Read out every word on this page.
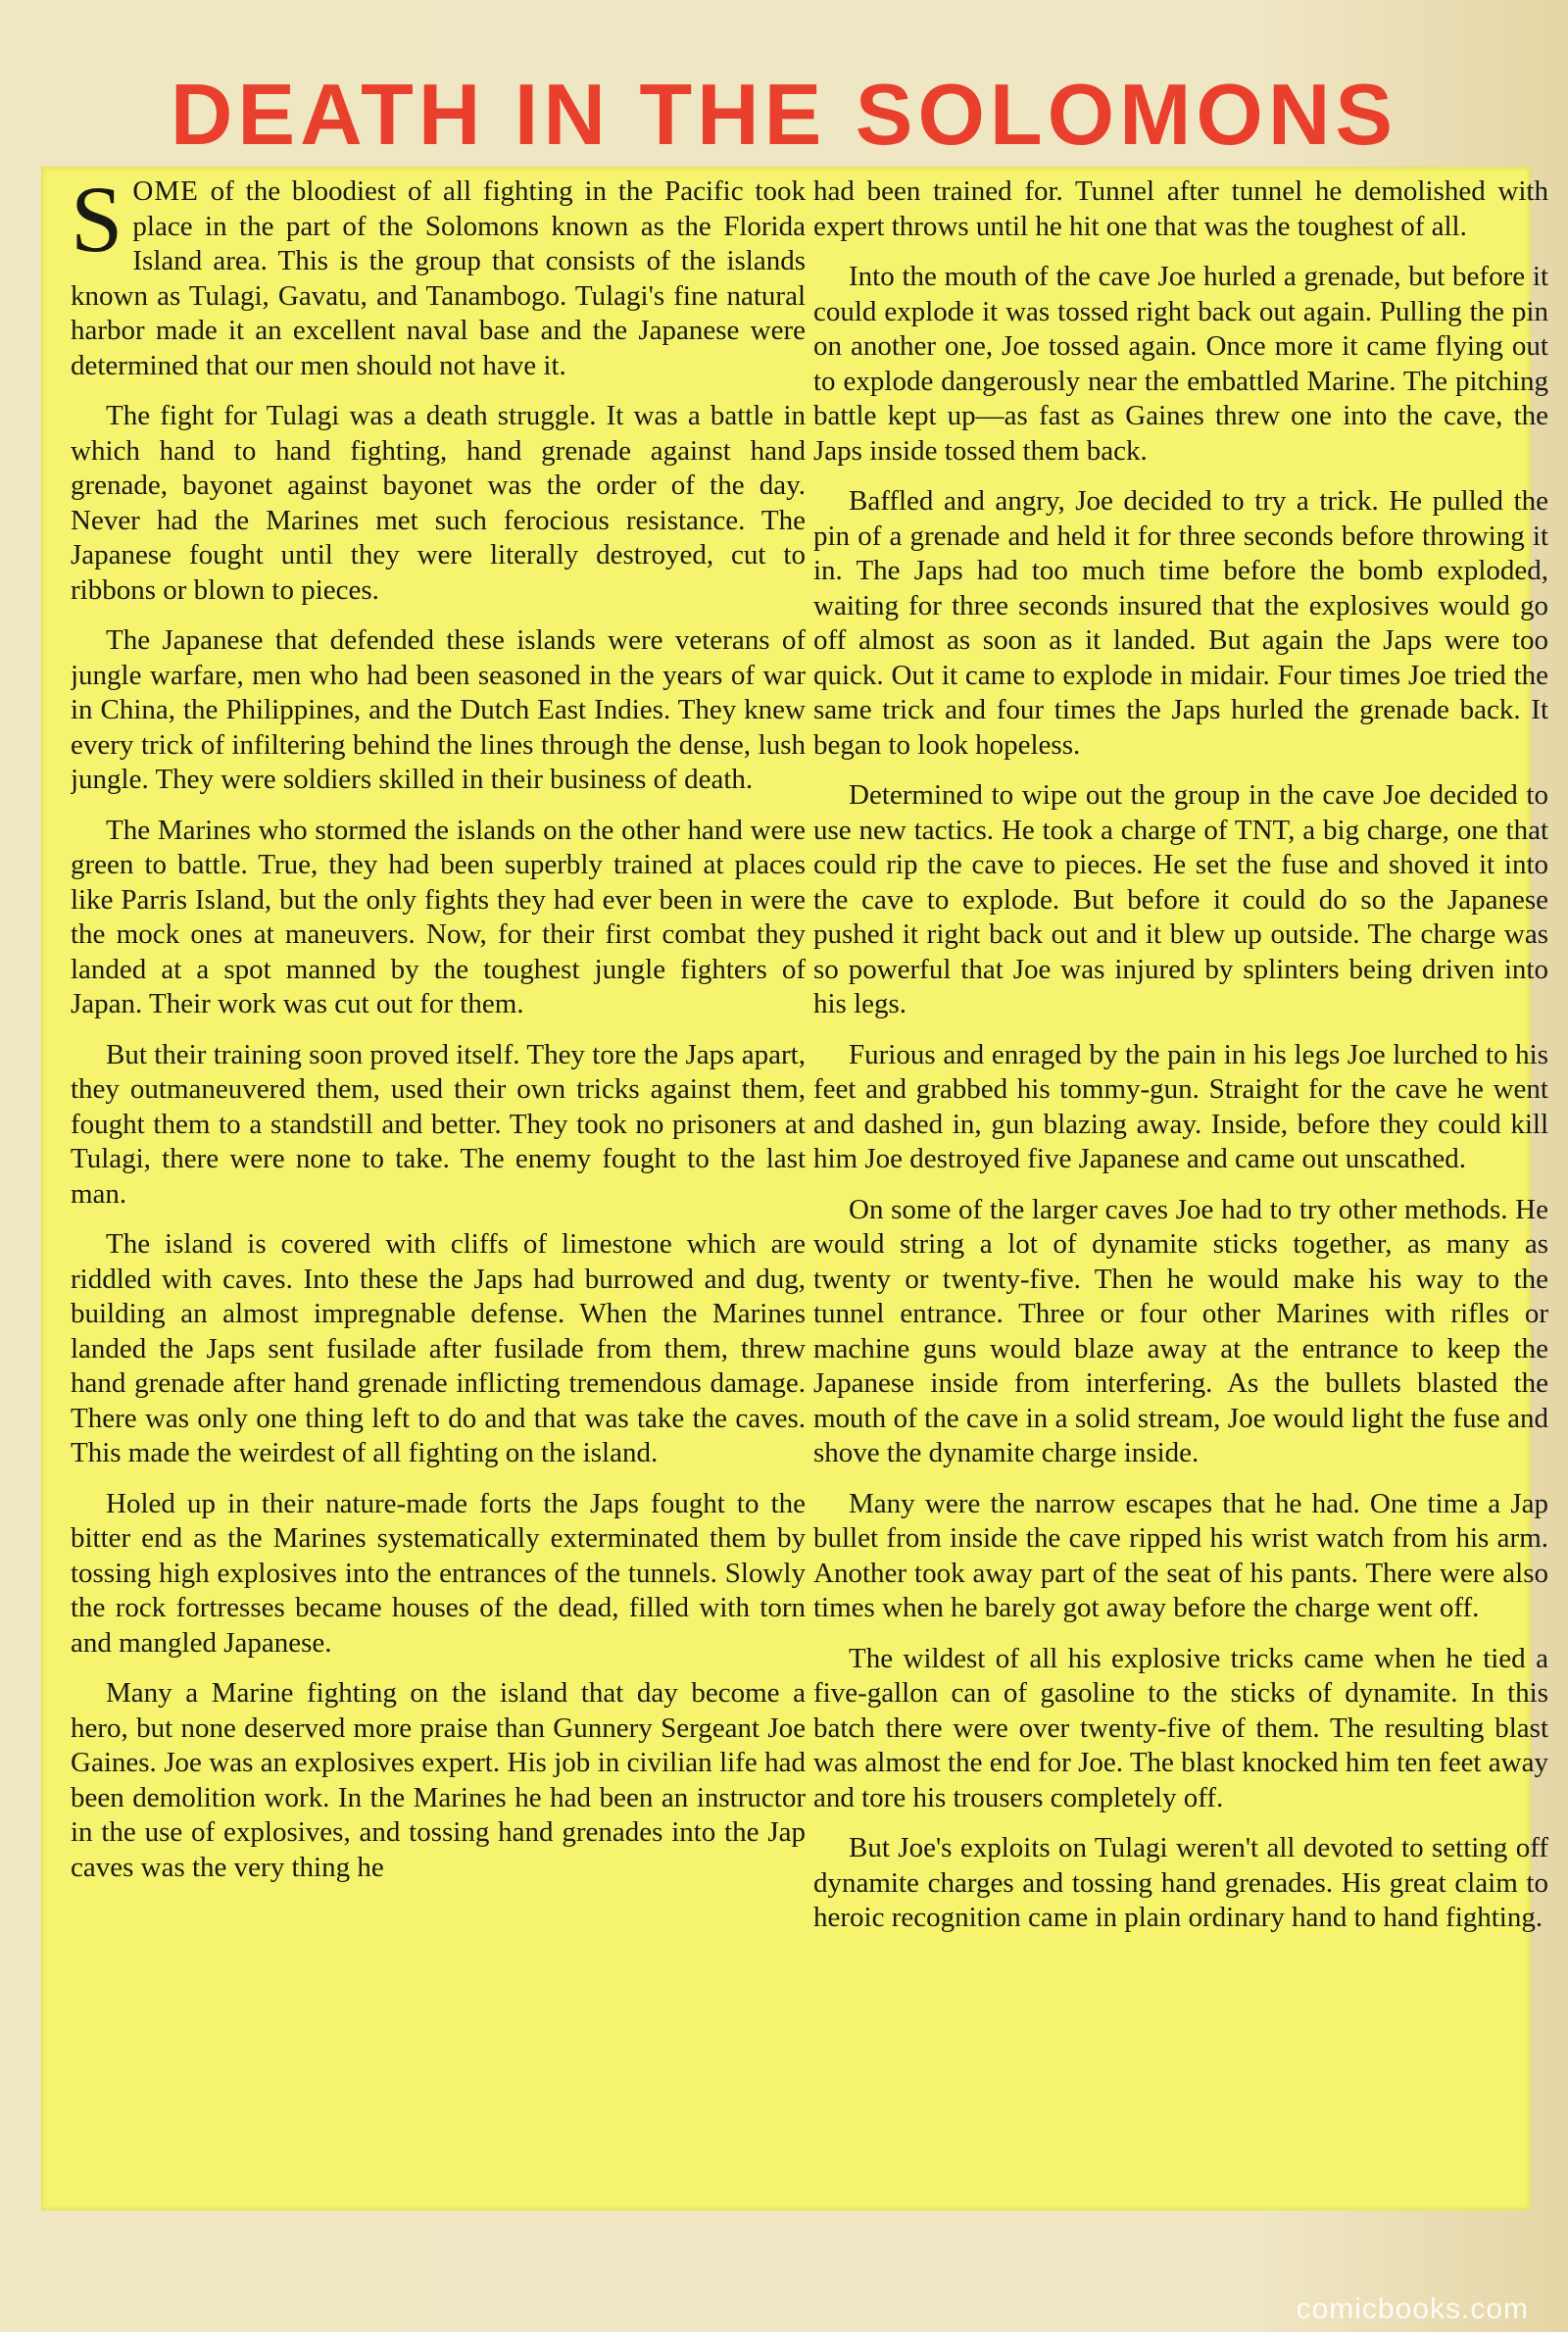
DEATH IN THE SOLOMONS

SOME of the bloodiest of all fighting in the Pacific took place in the part of the Solomons known as the Florida Island area. This is the group that consists of the islands known as Tulagi, Gavatu, and Tanambogo. Tulagi's fine natural harbor made it an excellent naval base and the Japanese were determined that our men should not have it.

The fight for Tulagi was a death struggle. It was a battle in which hand to hand fighting, hand grenade against hand grenade, bayonet against bayonet was the order of the day. Never had the Marines met such ferocious resistance. The Japanese fought until they were literally destroyed, cut to ribbons or blown to pieces.

The Japanese that defended these islands were veterans of jungle warfare, men who had been seasoned in the years of war in China, the Philippines, and the Dutch East Indies. They knew every trick of infiltering behind the lines through the dense, lush jungle. They were soldiers skilled in their business of death.

The Marines who stormed the islands on the other hand were green to battle. True, they had been superbly trained at places like Parris Island, but the only fights they had ever been in were the mock ones at maneuvers. Now, for their first combat they landed at a spot manned by the toughest jungle fighters of Japan. Their work was cut out for them.

But their training soon proved itself. They tore the Japs apart, they outmaneuvered them, used their own tricks against them, fought them to a standstill and better. They took no prisoners at Tulagi, there were none to take. The enemy fought to the last man.

The island is covered with cliffs of limestone which are riddled with caves. Into these the Japs had burrowed and dug, building an almost impregnable defense. When the Marines landed the Japs sent fusilade after fusilade from them, threw hand grenade after hand grenade inflicting tremendous damage. There was only one thing left to do and that was take the caves. This made the weirdest of all fighting on the island.

Holed up in their nature-made forts the Japs fought to the bitter end as the Marines systematically exterminated them by tossing high explosives into the entrances of the tunnels. Slowly the rock fortresses became houses of the dead, filled with torn and mangled Japanese.

Many a Marine fighting on the island that day become a hero, but none deserved more praise than Gunnery Sergeant Joe Gaines. Joe was an explosives expert. His job in civilian life had been demolition work. In the Marines he had been an instructor in the use of explosives, and tossing hand grenades into the Jap caves was the very thing he

had been trained for. Tunnel after tunnel he demolished with expert throws until he hit one that was the toughest of all.

Into the mouth of the cave Joe hurled a grenade, but before it could explode it was tossed right back out again. Pulling the pin on another one, Joe tossed again. Once more it came flying out to explode dangerously near the embattled Marine. The pitching battle kept up—as fast as Gaines threw one into the cave, the Japs inside tossed them back.

Baffled and angry, Joe decided to try a trick. He pulled the pin of a grenade and held it for three seconds before throwing it in. The Japs had too much time before the bomb exploded, waiting for three seconds insured that the explosives would go off almost as soon as it landed. But again the Japs were too quick. Out it came to explode in midair. Four times Joe tried the same trick and four times the Japs hurled the grenade back. It began to look hopeless.

Determined to wipe out the group in the cave Joe decided to use new tactics. He took a charge of TNT, a big charge, one that could rip the cave to pieces. He set the fuse and shoved it into the cave to explode. But before it could do so the Japanese pushed it right back out and it blew up outside. The charge was so powerful that Joe was injured by splinters being driven into his legs.

Furious and enraged by the pain in his legs Joe lurched to his feet and grabbed his tommy-gun. Straight for the cave he went and dashed in, gun blazing away. Inside, before they could kill him Joe destroyed five Japanese and came out unscathed.

On some of the larger caves Joe had to try other methods. He would string a lot of dynamite sticks together, as many as twenty or twenty-five. Then he would make his way to the tunnel entrance. Three or four other Marines with rifles or machine guns would blaze away at the entrance to keep the Japanese inside from interfering. As the bullets blasted the mouth of the cave in a solid stream, Joe would light the fuse and shove the dynamite charge inside.

Many were the narrow escapes that he had. One time a Jap bullet from inside the cave ripped his wrist watch from his arm. Another took away part of the seat of his pants. There were also times when he barely got away before the charge went off.

The wildest of all his explosive tricks came when he tied a five-gallon can of gasoline to the sticks of dynamite. In this batch there were over twenty-five of them. The resulting blast was almost the end for Joe. The blast knocked him ten feet away and tore his trousers completely off.

But Joe's exploits on Tulagi weren't all devoted to setting off dynamite charges and tossing hand grenades. His great claim to heroic recognition came in plain ordinary hand to hand fighting.

comicbooks.com
